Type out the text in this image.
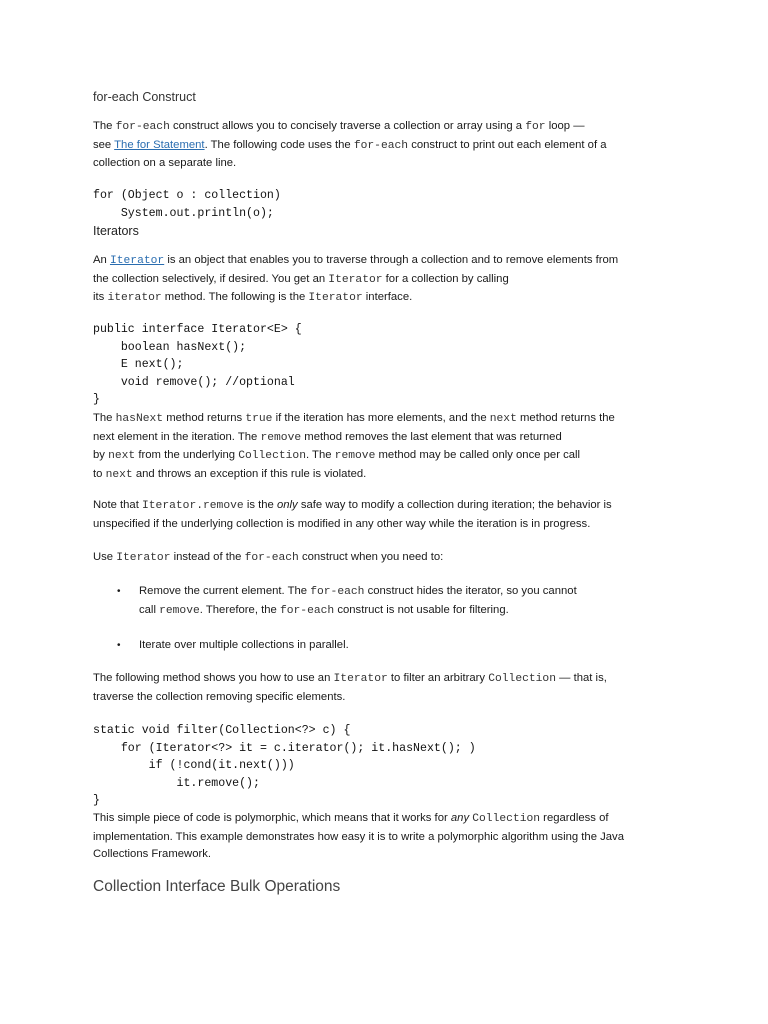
for-each Construct

The for-each construct allows you to concisely traverse a collection or array using a for loop —
see The for Statement. The following code uses the for-each construct to print out each element of a
collection on a separate line.

for (Object o : collection)

System.out.println(o);

Iterators

An Iterator is an object that enables you to traverse through a collection and to remove elements from
the collection selectively, if desired. You get an Iterator for a collection by calling
its iterator method. The following is the Iterator interface.

public interface Iterator<E> {

boolean hasNext();

E next();

void remove(); //optional

}

The hasNext method returns true if the iteration has more elements, and the next method returns the
next element in the iteration. The remove method removes the last element that was returned
by next from the underlying Collection. The remove method may be called only once per call
to next and throws an exception if this rule is violated.

Note that Iterator.remove is the only safe way to modify a collection during iteration; the behavior is
unspecified if the underlying collection is modified in any other way while the iteration is in progress.

Use Iterator instead of the for-each construct when you need to:

• Remove the current element. The for-each construct hides the iterator, so you cannot
call remove. Therefore, the for-each construct is not usable for filtering.
• Iterate over multiple collections in parallel.

The following method shows you how to use an Iterator to filter an arbitrary Collection — that is,
traverse the collection removing specific elements.

static void filter(Collection<?> c) {

for (Iterator<?> it = c.iterator(); it.hasNext(); )

if (!cond(it.next()))

it.remove();

}

This simple piece of code is polymorphic, which means that it works for any Collection regardless of
implementation. This example demonstrates how easy it is to write a polymorphic algorithm using the Java
Collections Framework.

Collection Interface Bulk Operations
